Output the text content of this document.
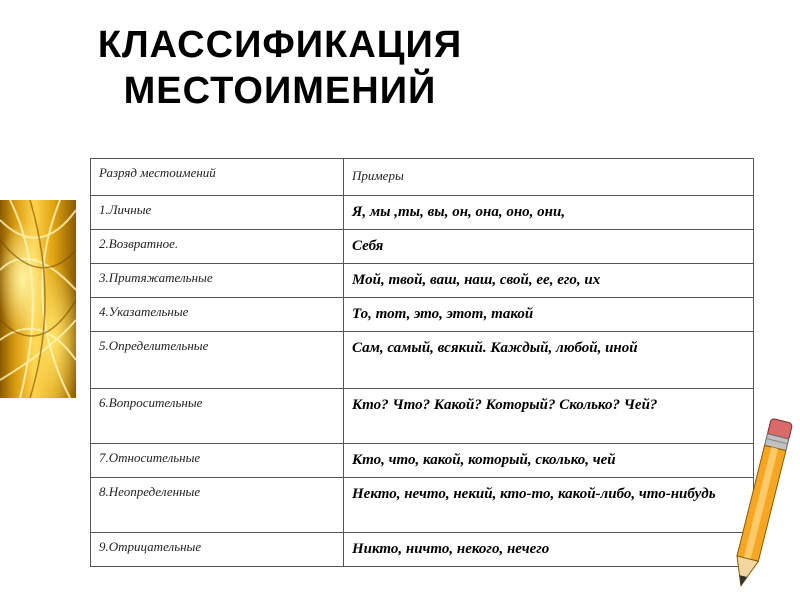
КЛАССИФИКАЦИЯ
МЕСТОИМЕНИЙ
Разряд местоимений	Примеры
1.Личные	Я, мы ,ты, вы, он, она, оно, они,
2.Возвратное.	Себя
3.Притяжательные	Мой, твой, ваш, наш, свой, ее, его, их
4.Указательные	То, тот, это, этот, такой
5.Определительные	Сам, самый, всякий. Каждый, любой, иной
6.Вопросительные	Кто? Что? Какой? Который? Сколько? Чей?
7.Относительные	Кто, что, какой, который, сколько, чей
8.Неопределенные	Некто, нечто, некий, кто-то, какой-либо, что-нибудь
9.Отрицательные	Никто, ничто, некого, нечего
